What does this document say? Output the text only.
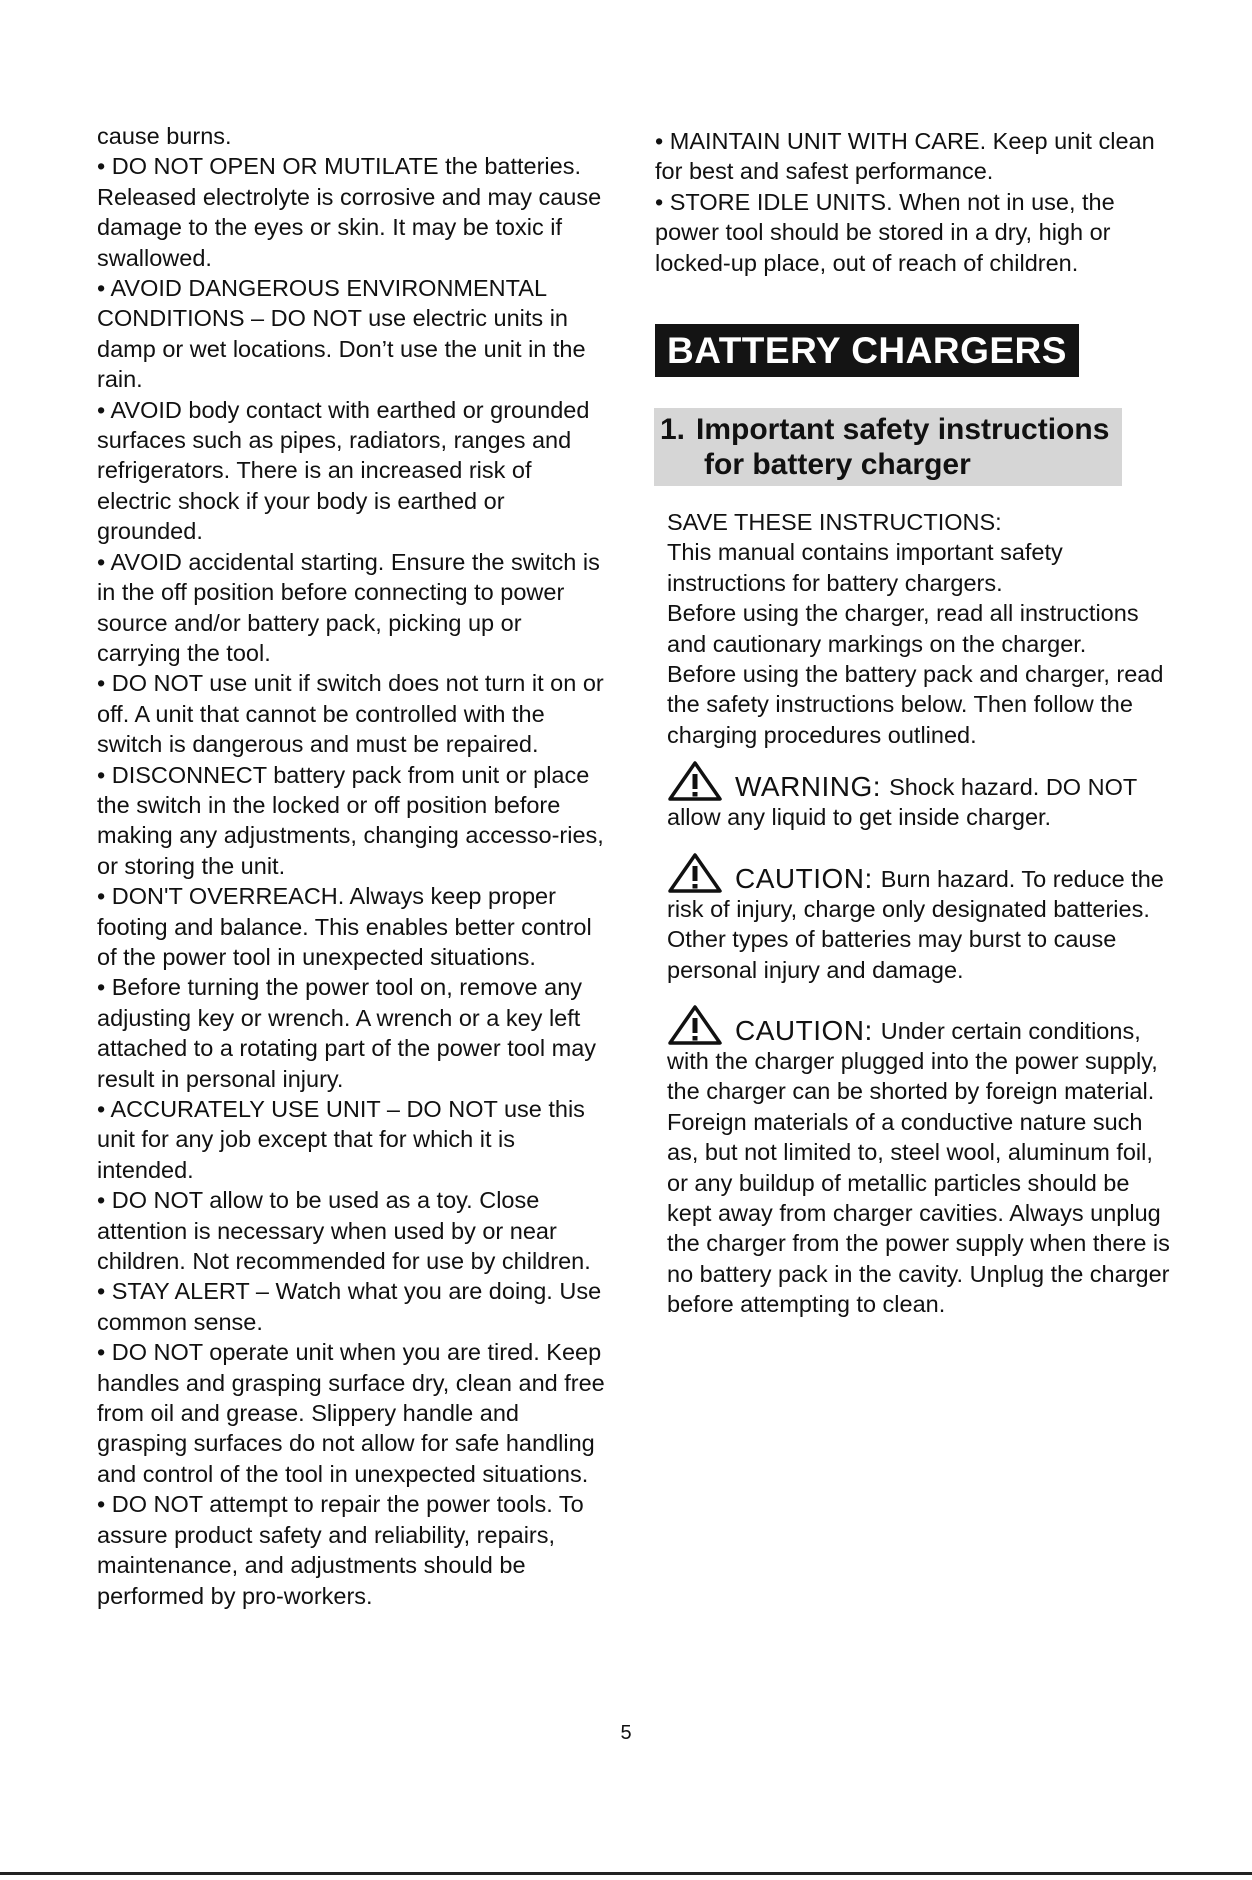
cause burns.

• DO NOT OPEN OR MUTILATE the batteries. Released electrolyte is corrosive and may cause damage to the eyes or skin. It may be toxic if swallowed.

• AVOID DANGEROUS ENVIRONMENTAL CONDITIONS – DO NOT use electric units in damp or wet locations. Don’t use the unit in the rain.

• AVOID body contact with earthed or grounded surfaces such as pipes, radiators, ranges and refrigerators. There is an increased risk of electric shock if your body is earthed or grounded.

• AVOID accidental starting. Ensure the switch is in the off position before connecting to power source and/or battery pack, picking up or carrying the tool.

• DO NOT use unit if switch does not turn it on or off. A unit that cannot be controlled with the switch is dangerous and must be repaired.

• DISCONNECT battery pack from unit or place the switch in the locked or off position before making any adjustments, changing accesso-ries, or storing the unit.

• DON'T OVERREACH. Always keep proper footing and balance. This enables better control of the power tool in unexpected situations.

• Before turning the power tool on, remove any adjusting key or wrench. A wrench or a key left attached to a rotating part of the power tool may result in personal injury.

• ACCURATELY USE UNIT – DO NOT use this unit for any job except that for which it is intended.

• DO NOT allow to be used as a toy. Close attention is necessary when used by or near children. Not recommended for use by children.

• STAY ALERT – Watch what you are doing. Use common sense.

• DO NOT operate unit when you are tired. Keep handles and grasping surface dry, clean and free from oil and grease. Slippery handle and grasping surfaces do not allow for safe handling and control of the tool in unexpected situations.

• DO NOT attempt to repair the power tools. To assure product safety and reliability, repairs, maintenance, and adjustments should be performed by pro-workers.

• MAINTAIN UNIT WITH CARE. Keep unit clean for best and safest performance.

• STORE IDLE UNITS. When not in use, the power tool should be stored in a dry, high or locked-up place, out of reach of children.

BATTERY CHARGERS
1. Important safety instructions
for battery charger

SAVE THESE INSTRUCTIONS:

This manual contains important safety instructions for battery chargers.

Before using the charger, read all instructions and cautionary markings on the charger.

Before using the battery pack and charger, read the safety instructions below. Then follow the charging procedures outlined.

WARNING: Shock hazard. DO NOT
allow any liquid to get inside charger.
CAUTION: Burn hazard. To reduce the
risk of injury, charge only designated batteries. Other types of batteries may burst to cause personal injury and damage.
CAUTION: Under certain conditions,
with the charger plugged into the power supply, the charger can be shorted by foreign material. Foreign materials of a conductive nature such as, but not limited to, steel wool, aluminum foil, or any buildup of metallic particles should be kept away from charger cavities. Always unplug the charger from the power supply when there is no battery pack in the cavity. Unplug the charger before attempting to clean.
5
